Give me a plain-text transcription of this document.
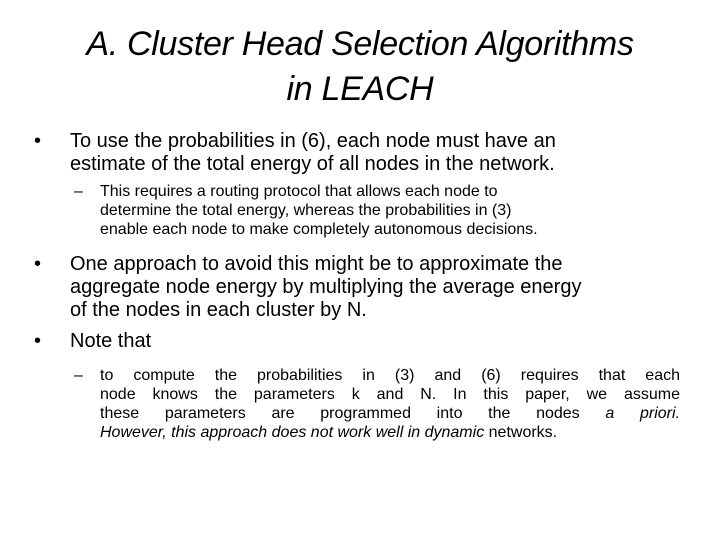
A. Cluster Head Selection Algorithms
in LEACH
• To use the probabilities in (6), each node must have an
estimate of the total energy of all nodes in the network.
– This requires a routing protocol that allows each node to
determine the total energy, whereas the probabilities in (3)
enable each node to make completely autonomous decisions.
• One approach to avoid this might be to approximate the
aggregate node energy by multiplying the average energy
of the nodes in each cluster by N.
• Note that
– to compute the probabilities in (3) and (6) requires that each
node knows the parameters k and N. In this paper, we assume
these parameters are programmed into the nodes a priori.
However, this approach does not work well in dynamic networks.
